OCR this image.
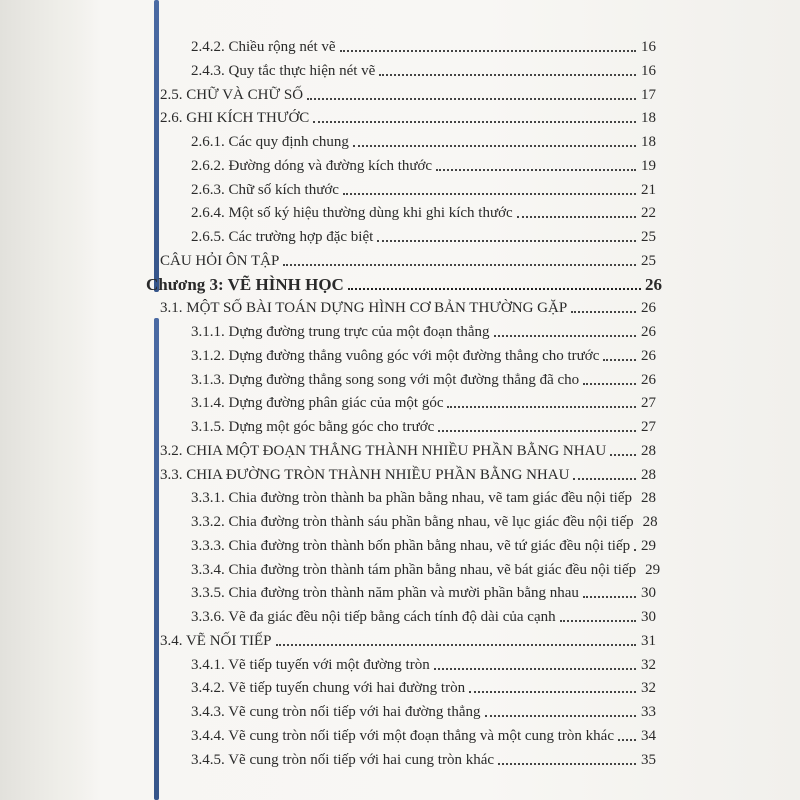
2.4.2. Chiều rộng nét vẽ	16
2.4.3. Quy tắc thực hiện nét vẽ	16
2.5. CHỮ VÀ CHỮ SỐ	17
2.6. GHI KÍCH THƯỚC	18
2.6.1. Các quy định chung	18
2.6.2. Đường dóng và đường kích thước	19
2.6.3. Chữ số kích thước	21
2.6.4. Một số ký hiệu thường dùng khi ghi kích thước	22
2.6.5. Các trường hợp đặc biệt	25
CÂU HỎI ÔN TẬP	25
Chương 3: VẼ HÌNH HỌC	26
3.1. MỘT SỐ BÀI TOÁN DỰNG HÌNH CƠ BẢN THƯỜNG GẶP	26
3.1.1. Dựng đường trung trực của một đoạn thẳng	26
3.1.2. Dựng đường thẳng vuông góc với một đường thẳng cho trước	26
3.1.3. Dựng đường thẳng song song với một đường thẳng đã cho	26
3.1.4. Dựng đường phân giác của một góc	27
3.1.5. Dựng một góc bằng góc cho trước	27
3.2. CHIA MỘT ĐOẠN THẲNG THÀNH NHIỀU PHẦN BẰNG NHAU 28
3.3. CHIA ĐƯỜNG TRÒN THÀNH NHIỀU PHẦN BẰNG NHAU	28
3.3.1. Chia đường tròn thành ba phần bằng nhau, vẽ tam giác đều nội tiếp 28
3.3.2. Chia đường tròn thành sáu phần bằng nhau, vẽ lục giác đều nội tiếp 28
3.3.3. Chia đường tròn thành bốn phần bằng nhau, vẽ tứ giác đều nội tiếp 29
3.3.4. Chia đường tròn thành tám phần bằng nhau, vẽ bát giác đều nội tiếp 29
3.3.5. Chia đường tròn thành năm phần và mười phần bằng nhau	30
3.3.6. Vẽ đa giác đều nội tiếp bằng cách tính độ dài của cạnh	30
3.4. VẼ NỐI TIẾP	31
3.4.1. Vẽ tiếp tuyến với một đường tròn	32
3.4.2. Vẽ tiếp tuyến chung với hai đường tròn	32
3.4.3. Vẽ cung tròn nối tiếp với hai đường thẳng	33
3.4.4. Vẽ cung tròn nối tiếp với một đoạn thẳng và một cung tròn khác 34
3.4.5. Vẽ cung tròn nối tiếp với hai cung tròn khác	35
